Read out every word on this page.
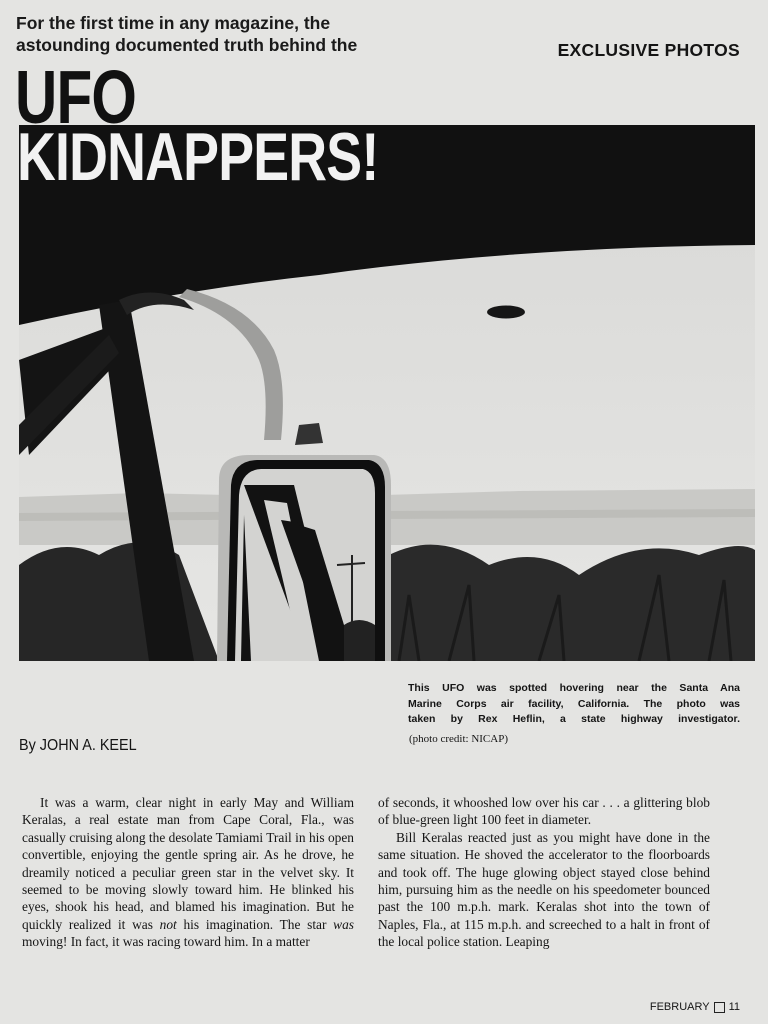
For the first time in any magazine, the
astounding documented truth behind the	EXCLUSIVE PHOTOS
UFO
KIDNAPPERS!
This UFO was spotted hovering near the Santa Ana
Marine Corps air facility, California. The photo was
taken by Rex Heflin, a state highway investigator.
(photo credit: NICAP)
By JOHN A. KEEL

It was a warm, clear night in early May and William Keralas, a real estate man from Cape Coral, Fla., was casually cruising along the desolate Tamiami Trail in his open convertible, enjoying the gentle spring air. As he drove, he dreamily noticed a peculiar green star in the velvet sky. It seemed to be moving slowly toward him. He blinked his eyes, shook his head, and blamed his imagination. But he quickly realized it was not his imagination. The star was moving! In fact, it was racing toward him. In a matter

of seconds, it whooshed low over his car . . . a glittering blob of blue-green light 100 feet in diameter.

Bill Keralas reacted just as you might have done in the same situation. He shoved the accelerator to the floorboards and took off. The huge glowing object stayed close behind him, pursuing him as the needle on his speedometer bounced past the 100 m.p.h. mark. Keralas shot into the town of Naples, Fla., at 115 m.p.h. and screeched to a halt in front of the local police station. Leaping

FEBRUARY 11
